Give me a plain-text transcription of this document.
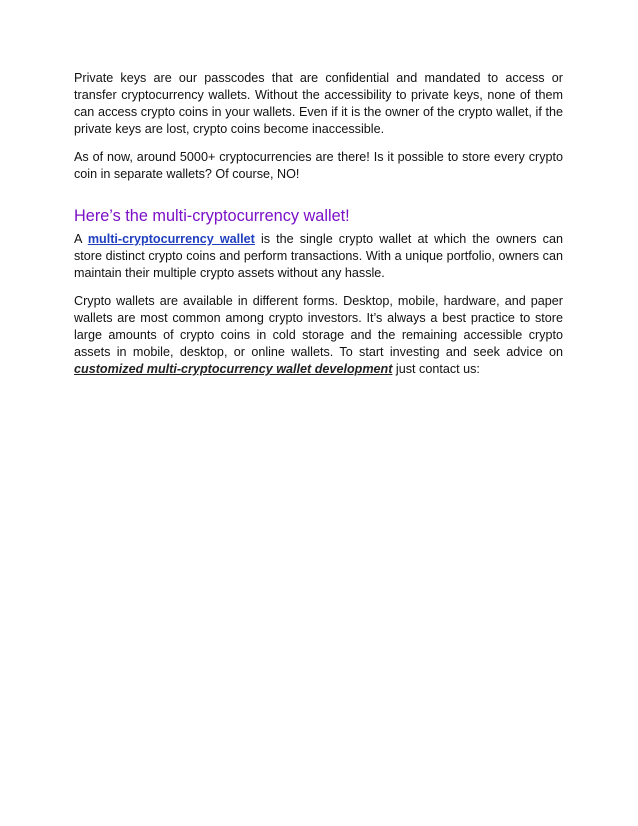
Private keys are our passcodes that are confidential and mandated to access or transfer cryptocurrency wallets. Without the accessibility to private keys, none of them can access crypto coins in your wallets. Even if it is the owner of the crypto wallet, if the private keys are lost, crypto coins become inaccessible.

As of now, around 5000+ cryptocurrencies are there! Is it possible to store every crypto coin in separate wallets? Of course, NO!

Here’s the multi-cryptocurrency wallet!

A multi-cryptocurrency wallet is the single crypto wallet at which the owners can store distinct crypto coins and perform transactions. With a unique portfolio, owners can maintain their multiple crypto assets without any hassle.

Crypto wallets are available in different forms. Desktop, mobile, hardware, and paper wallets are most common among crypto investors. It’s always a best practice to store large amounts of crypto coins in cold storage and the remaining accessible crypto assets in mobile, desktop, or online wallets. To start investing and seek advice on customized multi-cryptocurrency wallet development just contact us:
